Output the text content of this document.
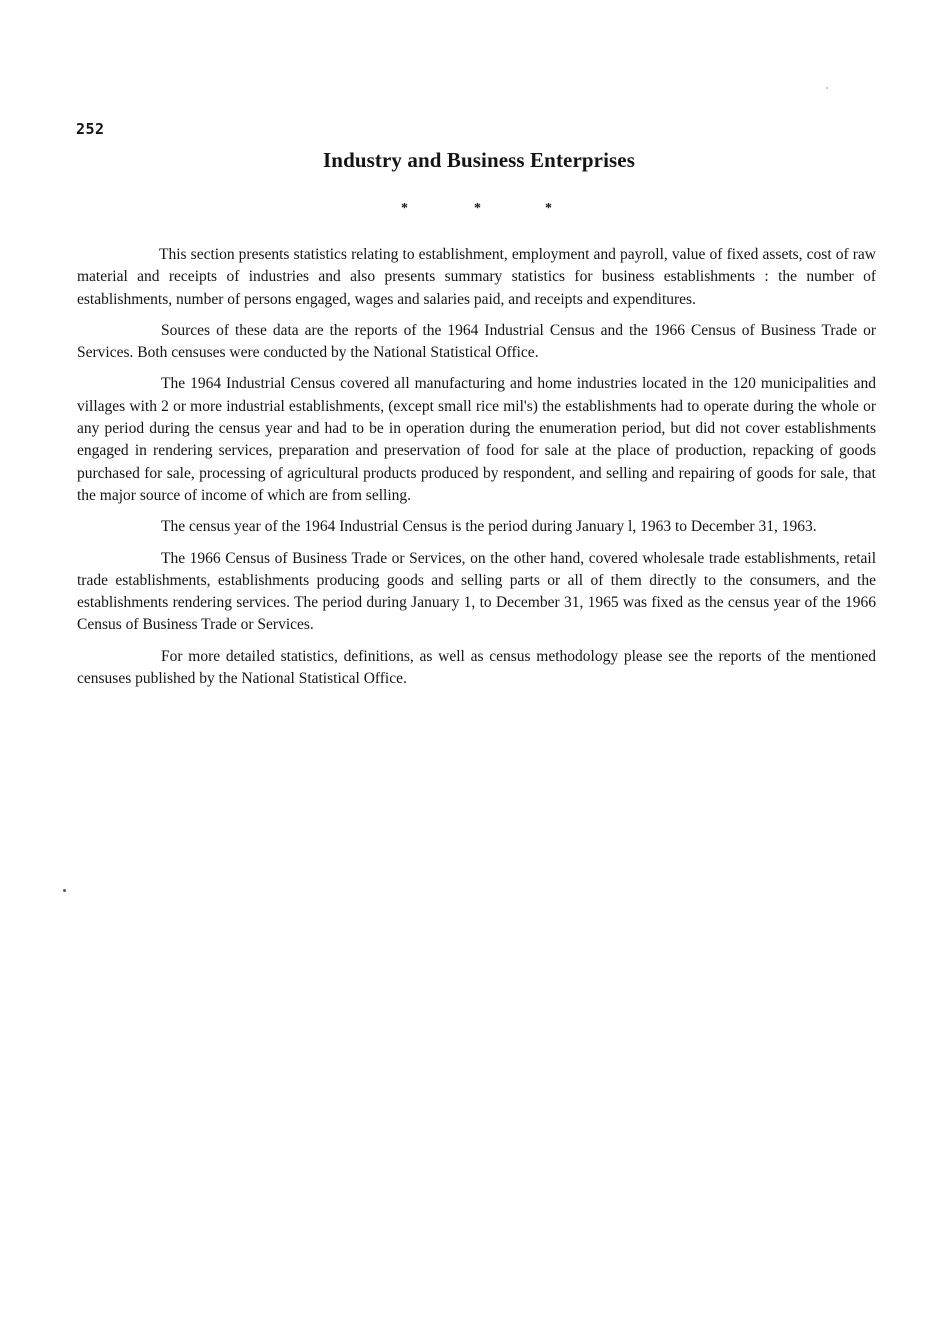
252
Industry and Business Enterprises
*	*	*

This section presents statistics relating to establishment, employment and payroll, value of fixed assets, cost of raw material and receipts of industries and also presents summary statistics for business establishments : the number of establishments, number of persons engaged, wages and salaries paid, and receipts and expenditures.

Sources of these data are the reports of the 1964 Industrial Census and the 1966 Census of Business Trade or Services. Both censuses were conducted by the National Statistical Office.

The 1964 Industrial Census covered all manufacturing and home industries located in the 120 municipalities and villages with 2 or more industrial establishments, (except small rice mil's) the establishments had to operate during the whole or any period during the census year and had to be in operation during the enumeration period, but did not cover establishments engaged in rendering services, preparation and preservation of food for sale at the place of production, repacking of goods purchased for sale, processing of agricultural products produced by respondent, and selling and repairing of goods for sale, that the major source of income of which are from selling.

The census year of the 1964 Industrial Census is the period during January l, 1963 to December 31, 1963.

The 1966 Census of Business Trade or Services, on the other hand, covered wholesale trade establishments, retail trade establishments, establishments producing goods and selling parts or all of them directly to the consumers, and the establishments rendering services. The period during January 1, to December 31, 1965 was fixed as the census year of the 1966 Census of Business Trade or Services.

For more detailed statistics, definitions, as well as census methodology please see the reports of the mentioned censuses published by the National Statistical Office.
